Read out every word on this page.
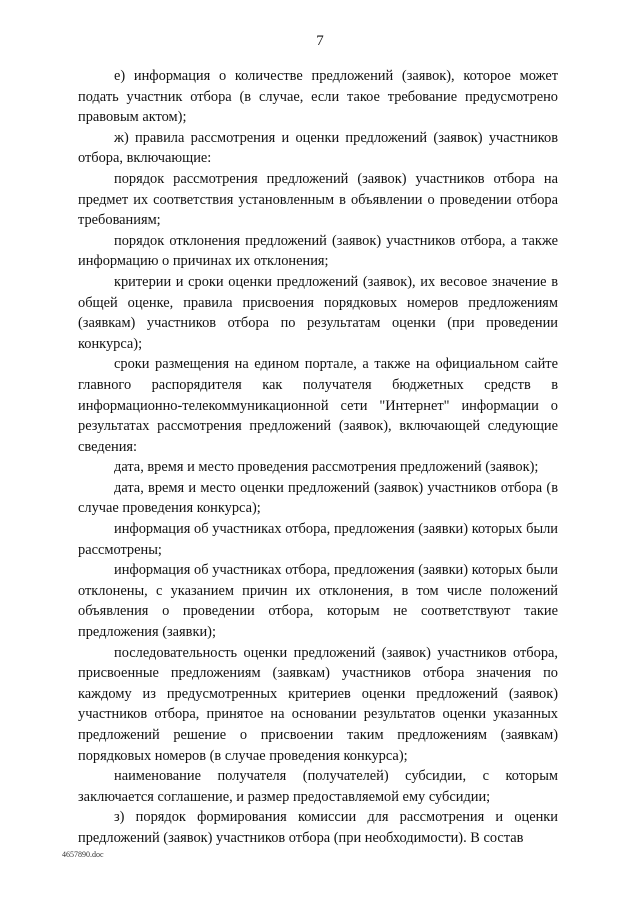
7

е) информация о количестве предложений (заявок), которое может подать участник отбора (в случае, если такое требование предусмотрено правовым актом);

ж) правила рассмотрения и оценки предложений (заявок) участников отбора, включающие:

порядок рассмотрения предложений (заявок) участников отбора на предмет их соответствия установленным в объявлении о проведении отбора требованиям;

порядок отклонения предложений (заявок) участников отбора, а также информацию о причинах их отклонения;

критерии и сроки оценки предложений (заявок), их весовое значение в общей оценке, правила присвоения порядковых номеров предложениям (заявкам) участников отбора по результатам оценки (при проведении конкурса);

сроки размещения на едином портале, а также на официальном сайте главного распорядителя как получателя бюджетных средств в информационно-телекоммуникационной сети "Интернет" информации о результатах рассмотрения предложений (заявок), включающей следующие сведения:

дата, время и место проведения рассмотрения предложений (заявок);

дата, время и место оценки предложений (заявок) участников отбора (в случае проведения конкурса);

информация об участниках отбора, предложения (заявки) которых были рассмотрены;

информация об участниках отбора, предложения (заявки) которых были отклонены, с указанием причин их отклонения, в том числе положений объявления о проведении отбора, которым не соответствуют такие предложения (заявки);

последовательность оценки предложений (заявок) участников отбора, присвоенные предложениям (заявкам) участников отбора значения по каждому из предусмотренных критериев оценки предложений (заявок) участников отбора, принятое на основании результатов оценки указанных предложений решение о присвоении таким предложениям (заявкам) порядковых номеров (в случае проведения конкурса);

наименование получателя (получателей) субсидии, с которым заключается соглашение, и размер предоставляемой ему субсидии;

з) порядок формирования комиссии для рассмотрения и оценки предложений (заявок) участников отбора (при необходимости). В состав

4657890.doc
